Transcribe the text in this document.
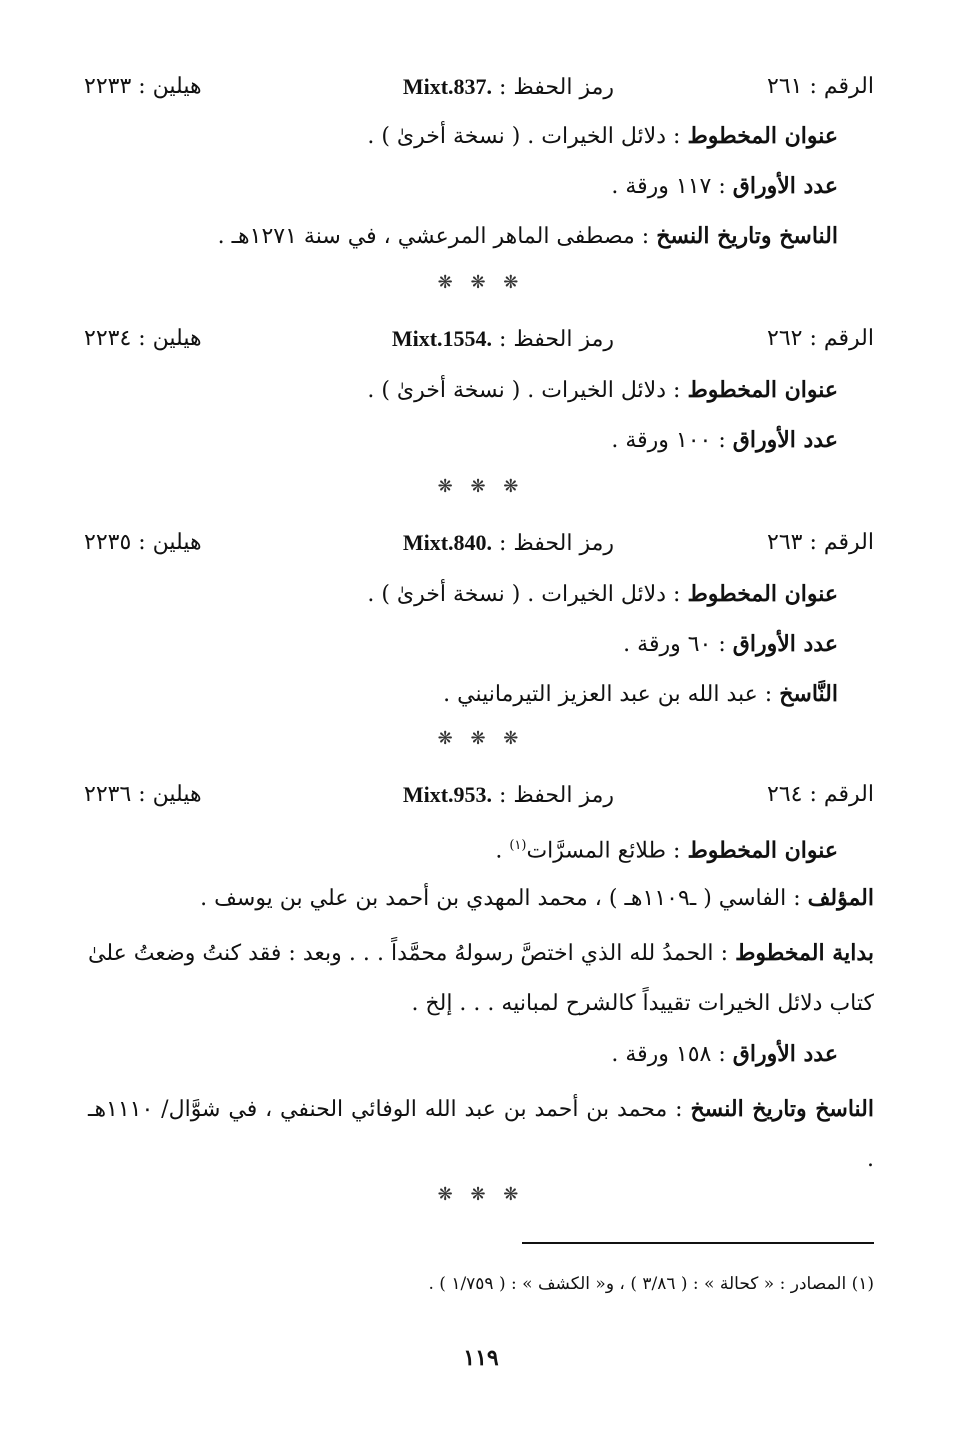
الرقم : ٢٦١
رمز الحفظ : Mixt.837.
هيلين : ٢٢٣٣
عنوان المخطوط : دلائل الخيرات . ( نسخة أخرىٰ ) .
عدد الأوراق : ١١٧ ورقة .
الناسخ وتاريخ النسخ : مصطفى الماهر المرعشي ، في سنة ١٢٧١هـ .
❋ ❋ ❋
الرقم : ٢٦٢
رمز الحفظ : Mixt.1554.
هيلين : ٢٢٣٤
عنوان المخطوط : دلائل الخيرات . ( نسخة أخرىٰ ) .
عدد الأوراق : ١٠٠ ورقة .
❋ ❋ ❋
الرقم : ٢٦٣
رمز الحفظ : Mixt.840.
هيلين : ٢٢٣٥
عنوان المخطوط : دلائل الخيرات . ( نسخة أخرىٰ ) .
عدد الأوراق : ٦٠ ورقة .
النَّاسخ : عبد الله بن عبد العزيز التيرمانيني .
❋ ❋ ❋
الرقم : ٢٦٤
رمز الحفظ : Mixt.953.
هيلين : ٢٢٣٦
عنوان المخطوط : طلائع المسرَّات$^{(١)}$ .
المؤلف : الفاسي ( ـ١١٠٩هـ ) ، محمد المهدي بن أحمد بن علي بن يوسف .
بداية المخطوط : الحمدُ لله الذي اختصَّ رسولهُ محمَّداً . . . وبعد : فقد كنتُ وضعتُ علىٰ كتاب دلائل الخيرات تقييداً كالشرح لمبانيه . . . إلخ .
عدد الأوراق : ١٥٨ ورقة .
الناسخ وتاريخ النسخ : محمد بن أحمد بن عبد الله الوفائي الحنفي ، في شوَّال/ ١١١٠هـ .
❋ ❋ ❋
(١) المصادر : « كحالة » : ( ٣/٨٦ ) ، و« الكشف » : ( ١/٧٥٩ ) .
١١٩
